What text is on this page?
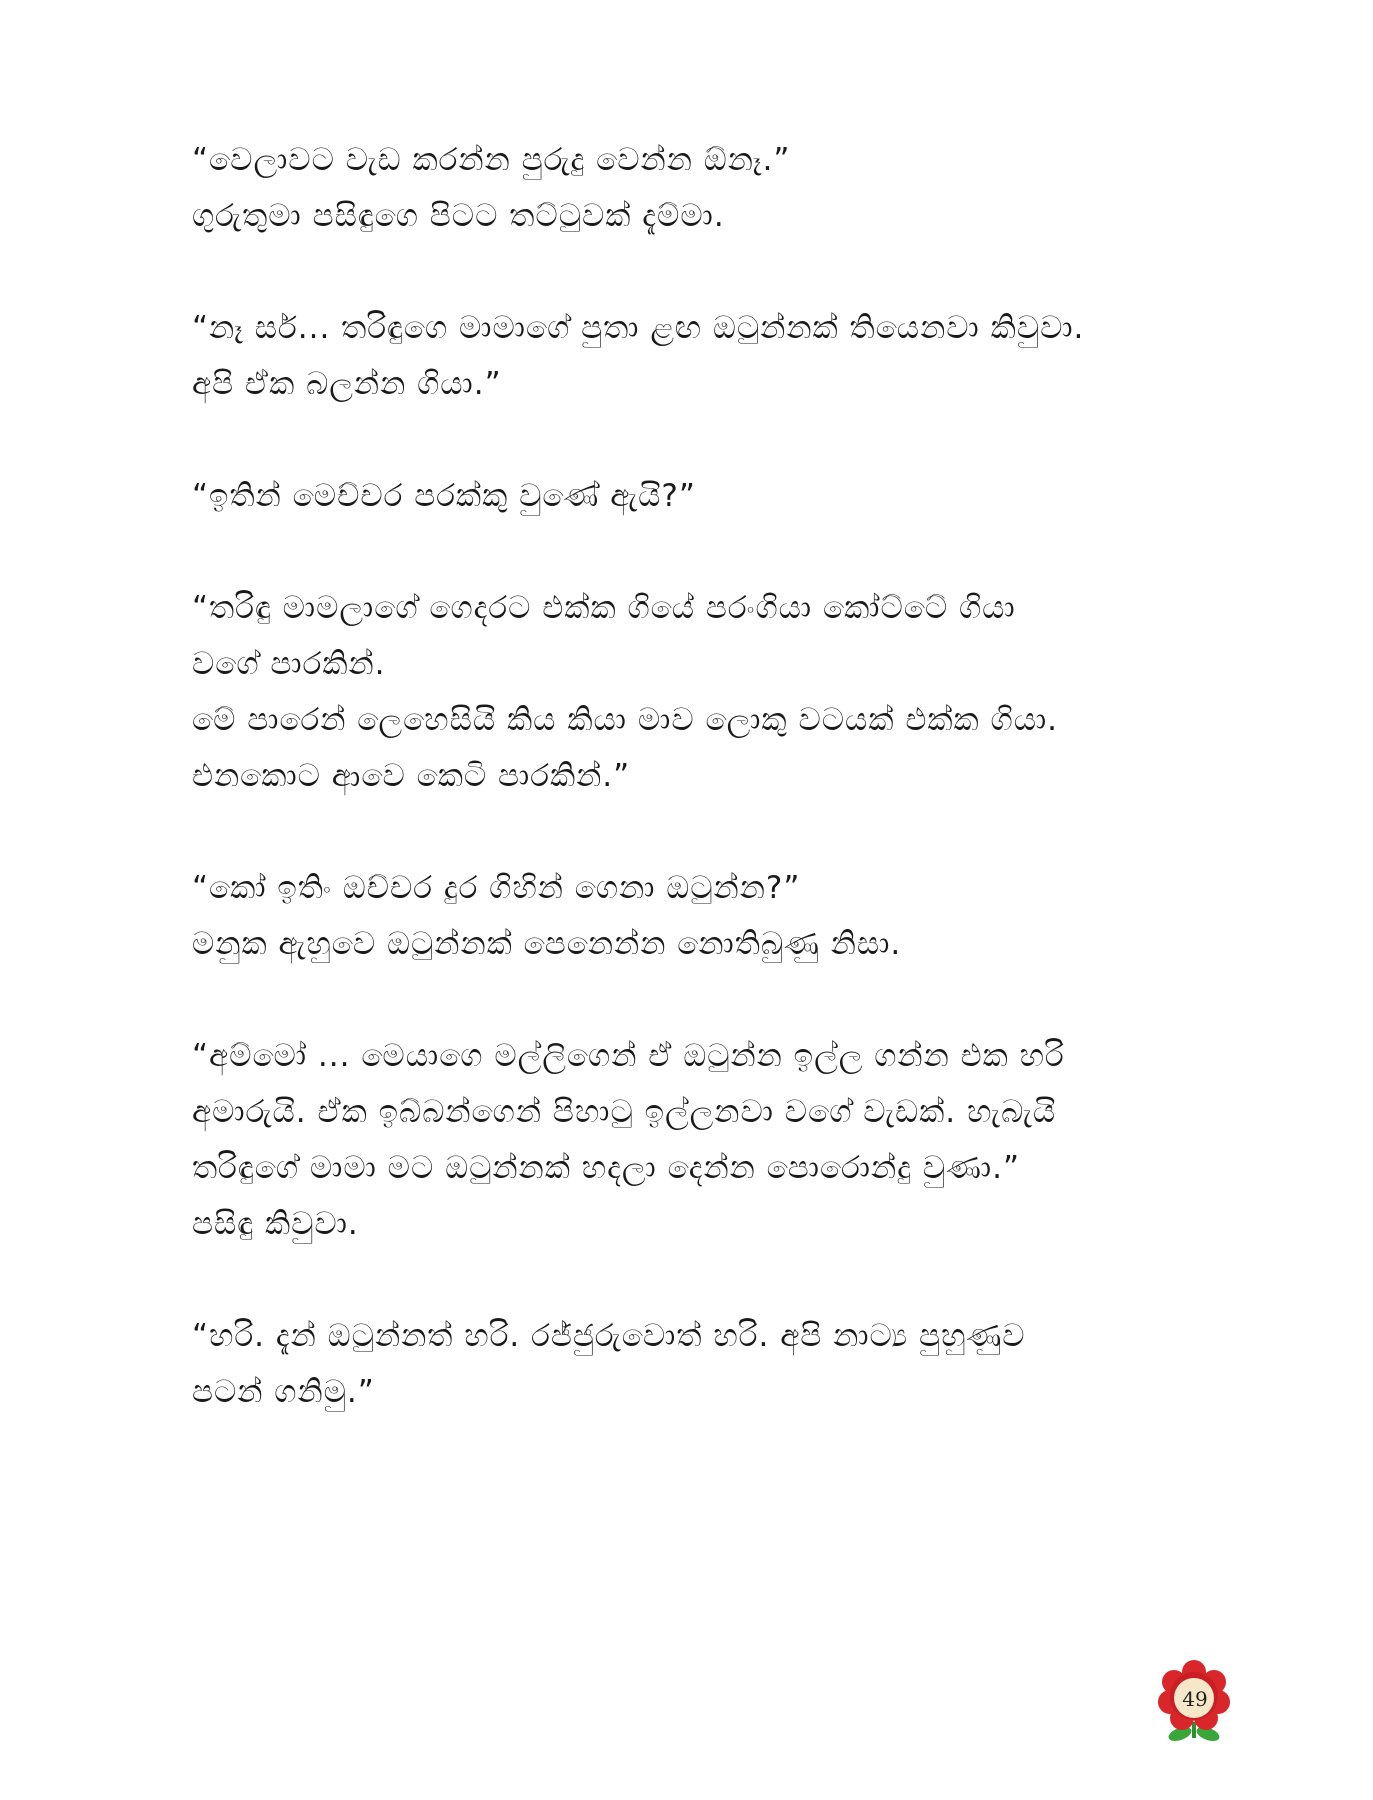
“වෙලාවට වැඩ කරන්න පුරුදු වෙන්න ඕනෑ.”
ගුරුතුමා පසිඳුගෙ පිටට තට්ටුවක් දැම්මා.
“නෑ සර්... තරිඳුගෙ මාමාගේ පුතා ළඟ ඔටුන්නක් තියෙනවා කිවුවා.
අපි ඒක බලන්න ගියා.”
“ඉතින් මෙච්චර පරක්කු වුණේ ඇයි?”
“තරිඳු මාමලාගේ ගෙදරට එක්ක ගියේ පරංගියා කෝට්ටේ ගියා
වගේ පාරකින්.
මේ පාරෙන් ලෙහෙසියි කිය කියා මාව ලොකු වටයක් එක්ක ගියා.
එනකොට ආවෙ කෙටි පාරකින්.”
“කෝ ඉතිං ඔච්චර දුර ගිහින් ගෙනා ඔටුන්න?”
මනුක ඇහුවෙ ඔටුන්නක් පෙනෙන්න නොතිබුණු නිසා.
“අම්මෝ ... මෙයාගෙ මල්ලිගෙන් ඒ ඔටුන්න ඉල්ල ගන්න එක හරි
අමාරුයි. ඒක ඉබ්බන්ගෙන් පිහාටු ඉල්ලනවා වගේ වැඩක්. හැබැයි
තරිඳුගේ මාමා මට ඔටුන්නක් හදලා දෙන්න පොරොන්දු වුණා.”
පසිඳු කිවුවා.
“හරි. දැන් ඔටුන්නත් හරි. රජ්ජුරුවොත් හරි. අපි නාට්‍ය පුහුණුව
පටන් ගනිමු.”
49
